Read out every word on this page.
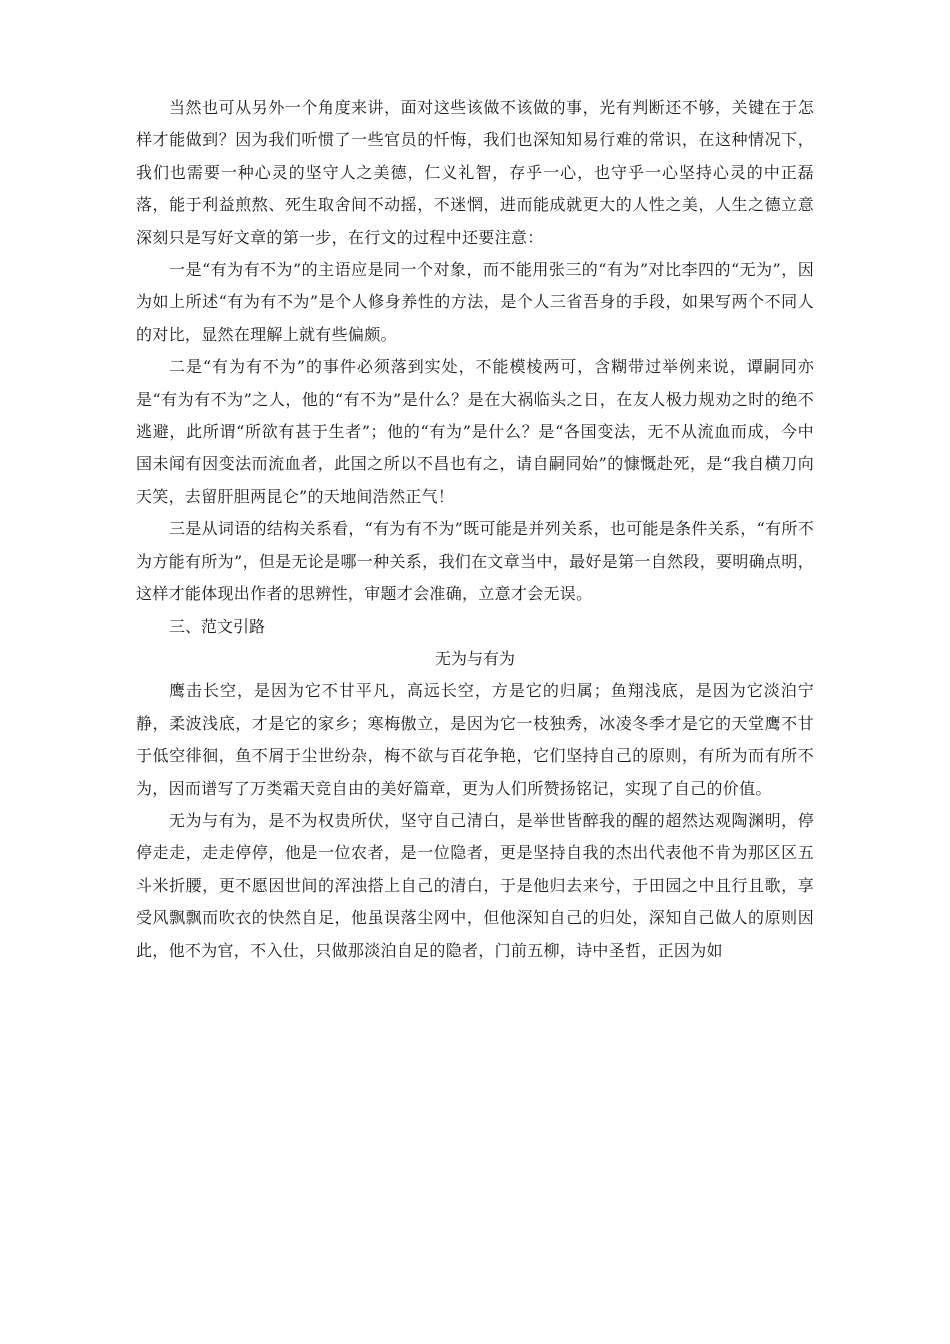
当然也可从另外一个角度来讲，面对这些该做不该做的事，光有判断还不够，关键在于怎样才能做到？因为我们听惯了一些官员的忏悔，我们也深知知易行难的常识，在这种情况下，我们也需要一种心灵的坚守人之美德，仁义礼智，存乎一心，也守乎一心坚持心灵的中正磊落，能于利益煎熬、死生取舍间不动摇，不迷惘，进而能成就更大的人性之美，人生之德立意深刻只是写好文章的第一步，在行文的过程中还要注意：

一是“有为有不为”的主语应是同一个对象，而不能用张三的“有为”对比李四的“无为”，因为如上所述“有为有不为”是个人修身养性的方法，是个人三省吾身的手段，如果写两个不同人的对比，显然在理解上就有些偏颇。

二是“有为有不为”的事件必须落到实处，不能模棱两可，含糊带过举例来说，谭嗣同亦是“有为有不为”之人，他的“有不为”是什么？是在大祸临头之日，在友人极力规劝之时的绝不逃避，此所谓“所欲有甚于生者”；他的“有为”是什么？是“各国变法，无不从流血而成，今中国未闻有因变法而流血者，此国之所以不昌也有之，请自嗣同始”的慷慨赴死，是“我自横刀向天笑，去留肝胆两昆仑”的天地间浩然正气！

三是从词语的结构关系看，“有为有不为”既可能是并列关系，也可能是条件关系，“有所不为方能有所为”，但是无论是哪一种关系，我们在文章当中，最好是第一自然段，要明确点明，这样才能体现出作者的思辨性，审题才会准确，立意才会无误。

三、范文引路

无为与有为

鹰击长空，是因为它不甘平凡，高远长空，方是它的归属；鱼翔浅底，是因为它淡泊宁静，柔波浅底，才是它的家乡；寒梅傲立，是因为它一枝独秀，冰凌冬季才是它的天堂鹰不甘于低空徘徊，鱼不屑于尘世纷杂，梅不欲与百花争艳，它们坚持自己的原则，有所为而有所不为，因而谱写了万类霜天竞自由的美好篇章，更为人们所赞扬铭记，实现了自己的价值。

无为与有为，是不为权贵所伏，坚守自己清白，是举世皆醉我的醒的超然达观陶渊明，停停走走，走走停停，他是一位农者，是一位隐者，更是坚持自我的杰出代表他不肯为那区区五斗米折腰，更不愿因世间的浑浊搭上自己的清白，于是他归去来兮，于田园之中且行且歌，享受风飘飘而吹衣的快然自足，他虽误落尘网中，但他深知自己的归处，深知自己做人的原则因此，他不为官，不入仕，只做那淡泊自足的隐者，门前五柳，诗中圣哲，正因为如
